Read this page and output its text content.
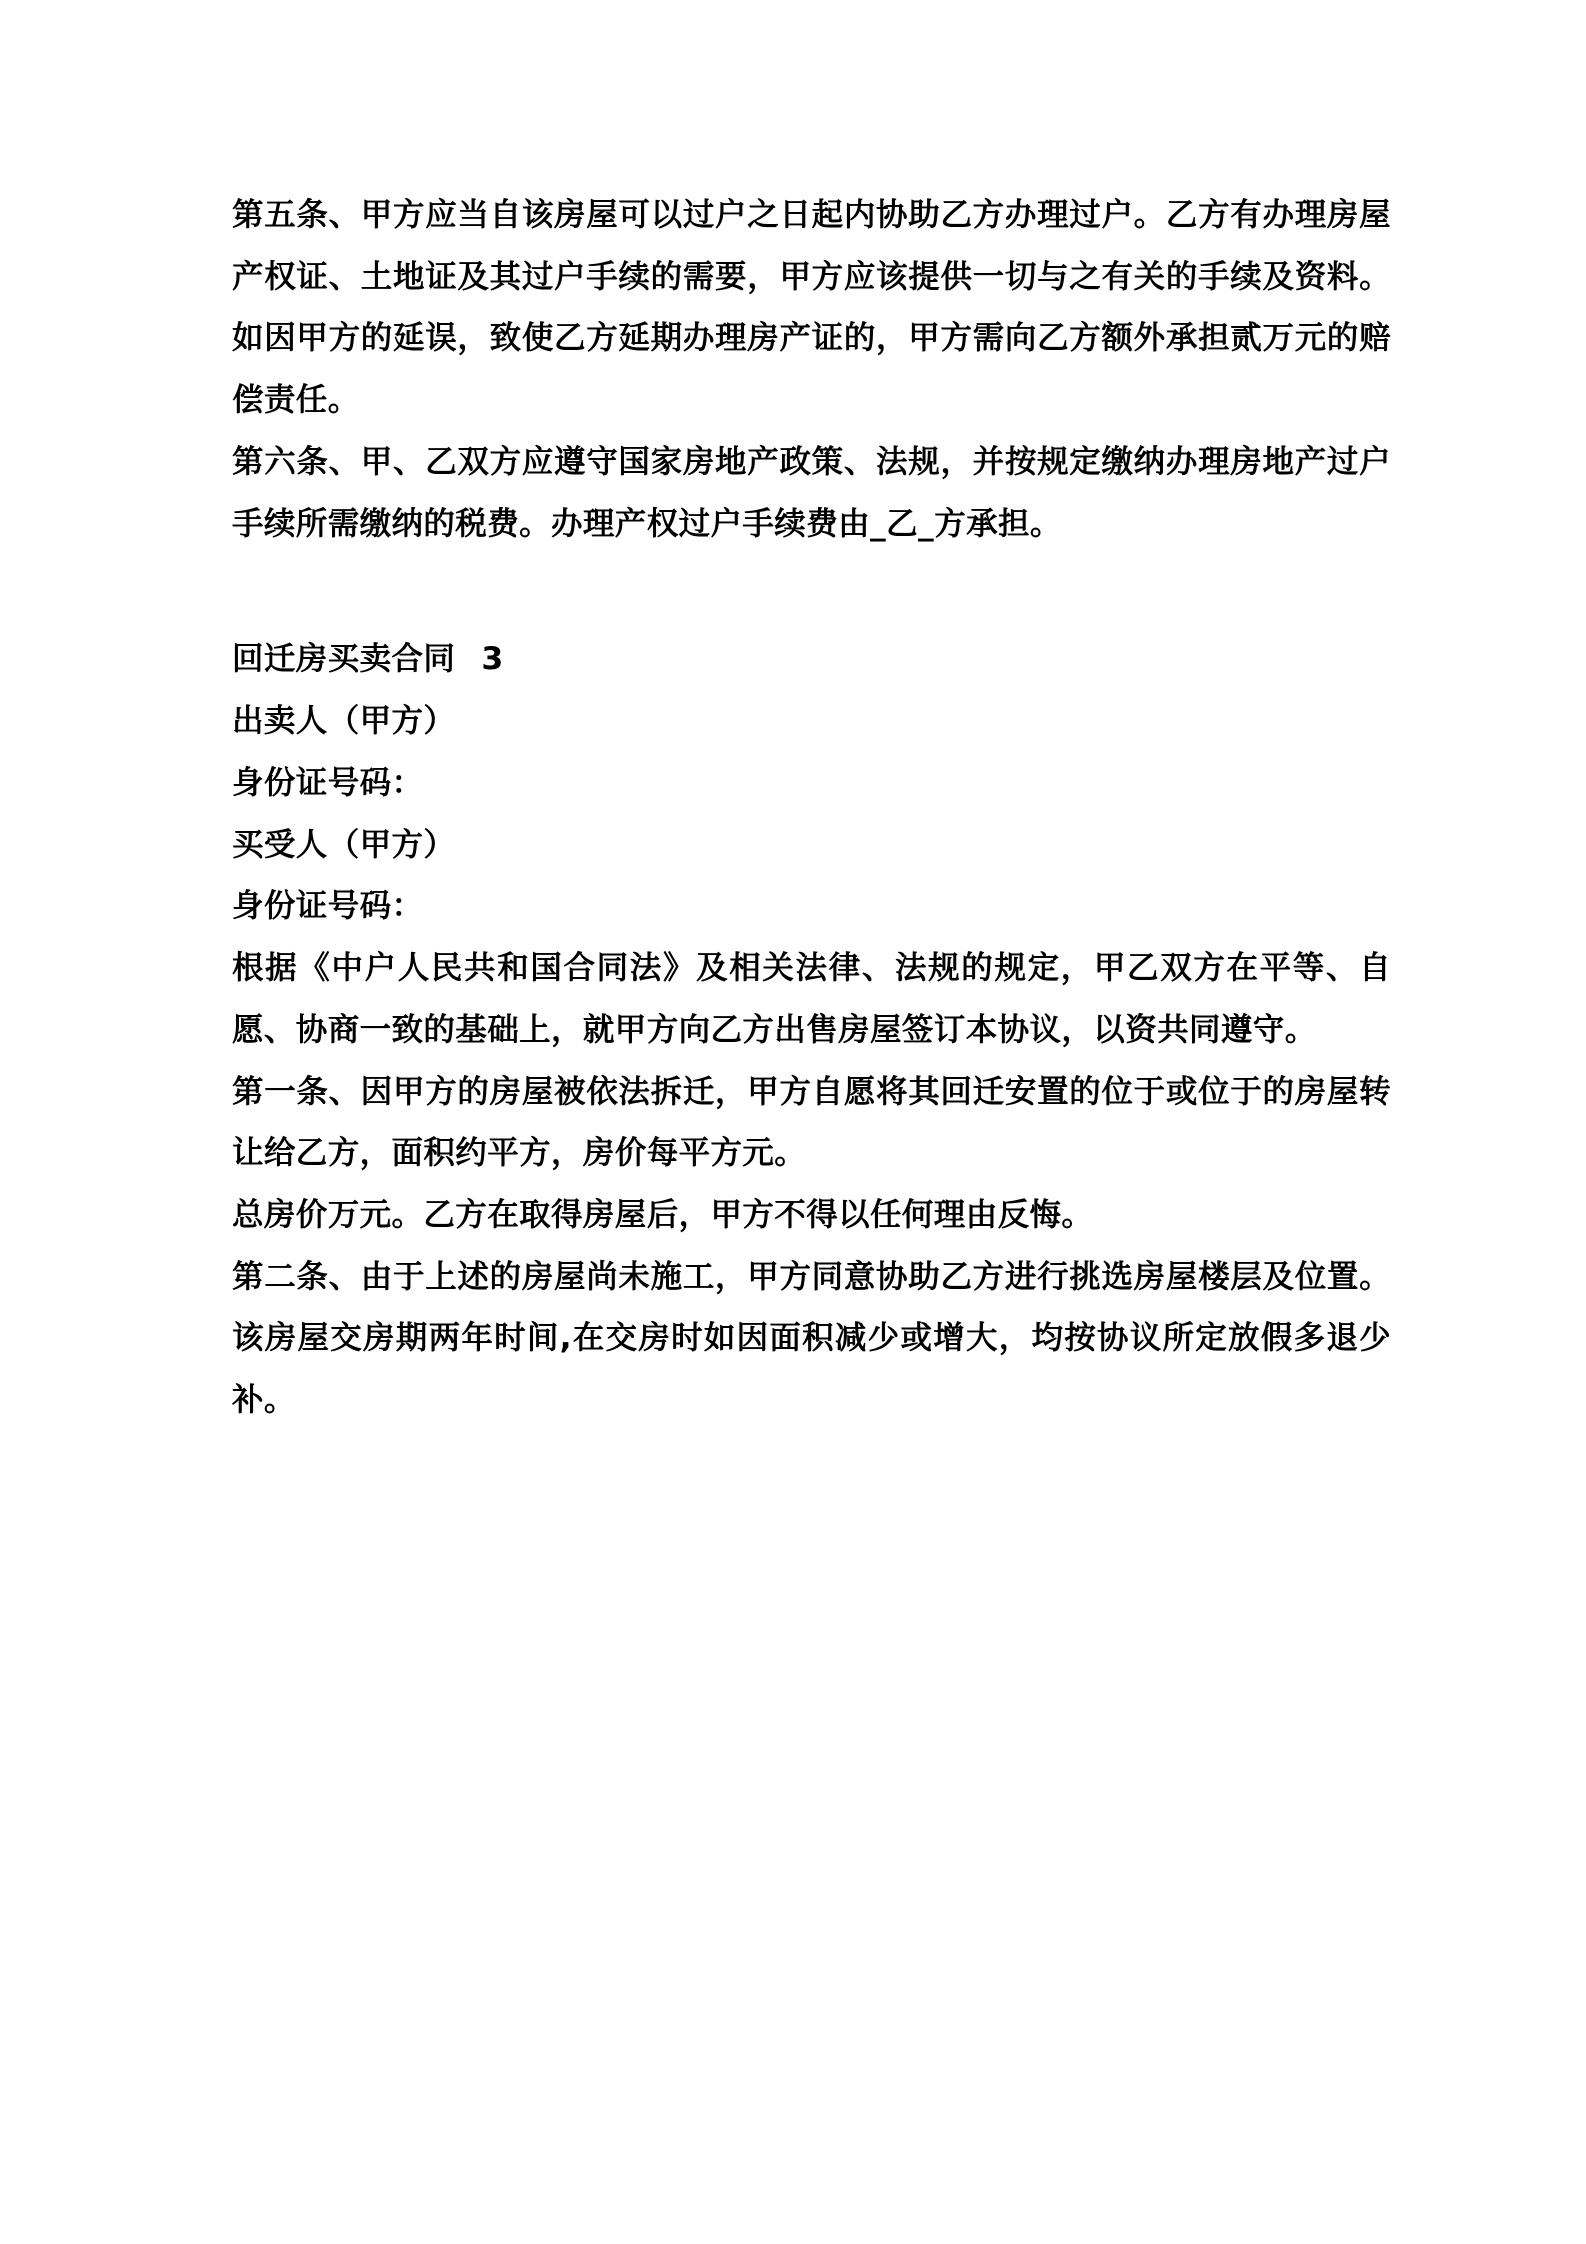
第五条、甲方应当自该房屋可以过户之日起内协助乙方办理过户。乙方有办理房屋产权证、土地证及其过户手续的需要，甲方应该提供一切与之有关的手续及资料。如因甲方的延误，致使乙方延期办理房产证的，甲方需向乙方额外承担贰万元的赔偿责任。

第六条、甲、乙双方应遵守国家房地产政策、法规，并按规定缴纳办理房地产过户手续所需缴纳的税费。办理产权过户手续费由_乙_方承担。

回迁房买卖合同 3

出卖人（甲方）

身份证号码：

买受人（甲方）

身份证号码：

根据《中户人民共和国合同法》及相关法律、法规的规定，甲乙双方在平等、自愿、协商一致的基础上，就甲方向乙方出售房屋签订本协议，以资共同遵守。

第一条、因甲方的房屋被依法拆迁，甲方自愿将其回迁安置的位于或位于的房屋转让给乙方，面积约平方，房价每平方元。

总房价万元。乙方在取得房屋后，甲方不得以任何理由反悔。

第二条、由于上述的房屋尚未施工，甲方同意协助乙方进行挑选房屋楼层及位置。该房屋交房期两年时间,在交房时如因面积减少或增大，均按协议所定放假多退少补。
